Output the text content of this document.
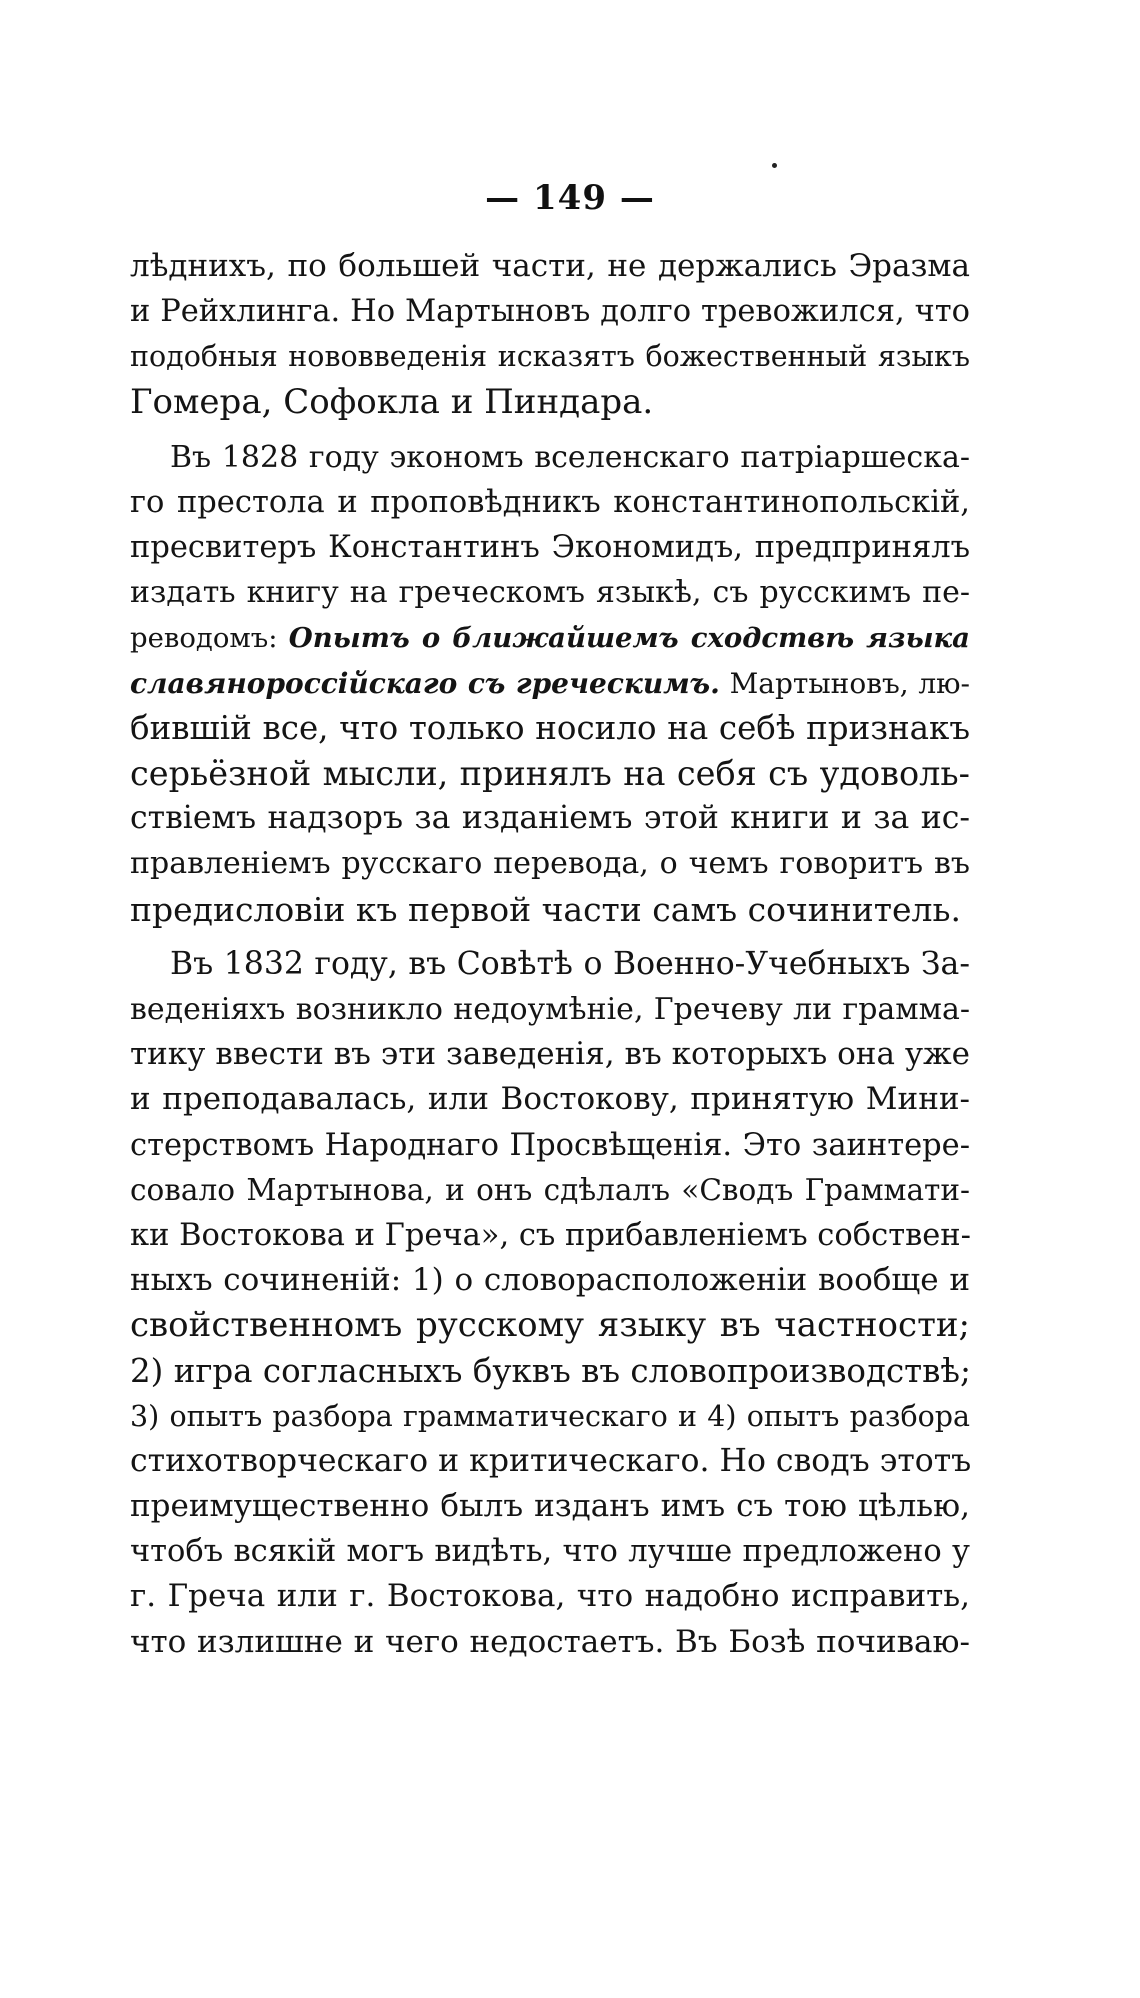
— 149 —
лѣднихъ, по большей части, не держались Эразма
и Рейхлинга. Но Мартыновъ долго тревожился, что
подобныя нововведенія исказятъ божественный языкъ
Гомера, Софокла и Пиндара.
Въ 1828 году экономъ вселенскаго патріаршеска-
го престола и проповѣдникъ константинопольскій,
пресвитеръ Константинъ Экономидъ, предпринялъ
издать книгу на греческомъ языкѣ, съ русскимъ пе-
реводомъ: Опытъ о ближайшемъ сходствѣ языка
славянороссійскаго съ греческимъ. Мартыновъ, лю-
бившій все, что только носило на себѣ признакъ
серьёзной мысли, принялъ на себя съ удоволь-
ствіемъ надзоръ за изданіемъ этой книги и за ис-
правленіемъ русскаго перевода, о чемъ говоритъ въ
предисловіи къ первой части самъ сочинитель.
Въ 1832 году, въ Совѣтѣ о Военно-Учебныхъ За-
веденіяхъ возникло недоумѣніе, Гречеву ли грамма-
тику ввести въ эти заведенія, въ которыхъ она уже
и преподавалась, или Востокову, принятую Мини-
стерствомъ Народнаго Просвѣщенія. Это заинтере-
совало Мартынова, и онъ сдѣлалъ «Сводъ Граммати-
ки Востокова и Греча», съ прибавленіемъ собствен-
ныхъ сочиненій: 1) о словорасположеніи вообще и
свойственномъ русскому языку въ частности;
2) игра согласныхъ буквъ въ словопроизводствѣ;
3) опытъ разбора грамматическаго и 4) опытъ разбора
стихотворческаго и критическаго. Но сводъ этотъ
преимущественно былъ изданъ имъ съ тою цѣлью,
чтобъ всякій могъ видѣть, что лучше предложено у
г. Греча или г. Востокова, что надобно исправить,
что излишне и чего недостаетъ. Въ Бозѣ почиваю-
